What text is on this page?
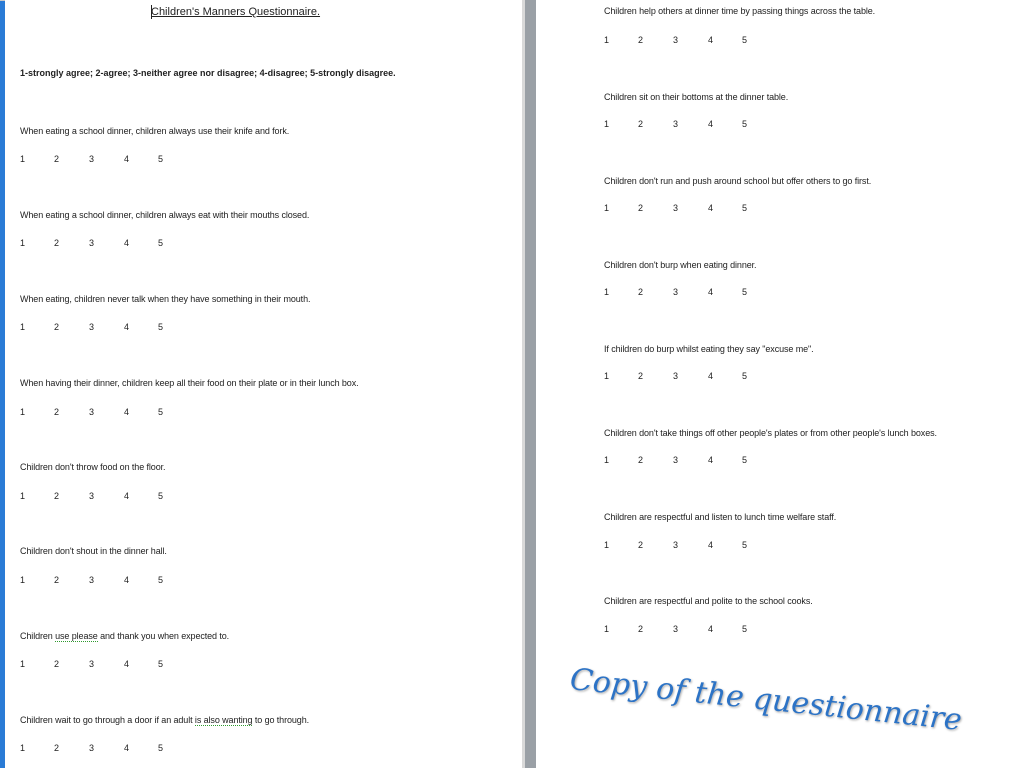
Children's Manners Questionnaire.
1-strongly agree; 2-agree; 3-neither agree nor disagree; 4-disagree; 5-strongly disagree.
When eating a school dinner, children always use their knife and fork.
1	2	3	4	5
When eating a school dinner, children always eat with their mouths closed.
1	2	3	4	5
When eating, children never talk when they have something in their mouth.
1	2	3	4	5
When having their dinner, children keep all their food on their plate or in their lunch box.
1	2	3	4	5
Children don't throw food on the floor.
1	2	3	4	5
Children don't shout in the dinner hall.
1	2	3	4	5
Children use please and thank you when expected to.
1	2	3	4	5
Children wait to go through a door if an adult is also wanting to go through.
1	2	3	4	5
Children help others at dinner time by passing things across the table.
1	2	3	4	5
Children sit on their bottoms at the dinner table.
1	2	3	4	5
Children don't run and push around school but offer others to go first.
1	2	3	4	5
Children don't burp when eating dinner.
1	2	3	4	5
If children do burp whilst eating they say "excuse me".
1	2	3	4	5
Children don't take things off other people's plates or from other people's lunch boxes.
1	2	3	4	5
Children are respectful and listen to lunch time welfare staff.
1	2	3	4	5
Children are respectful and polite to the school cooks.
1	2	3	4	5
Copy of the questionnaire
